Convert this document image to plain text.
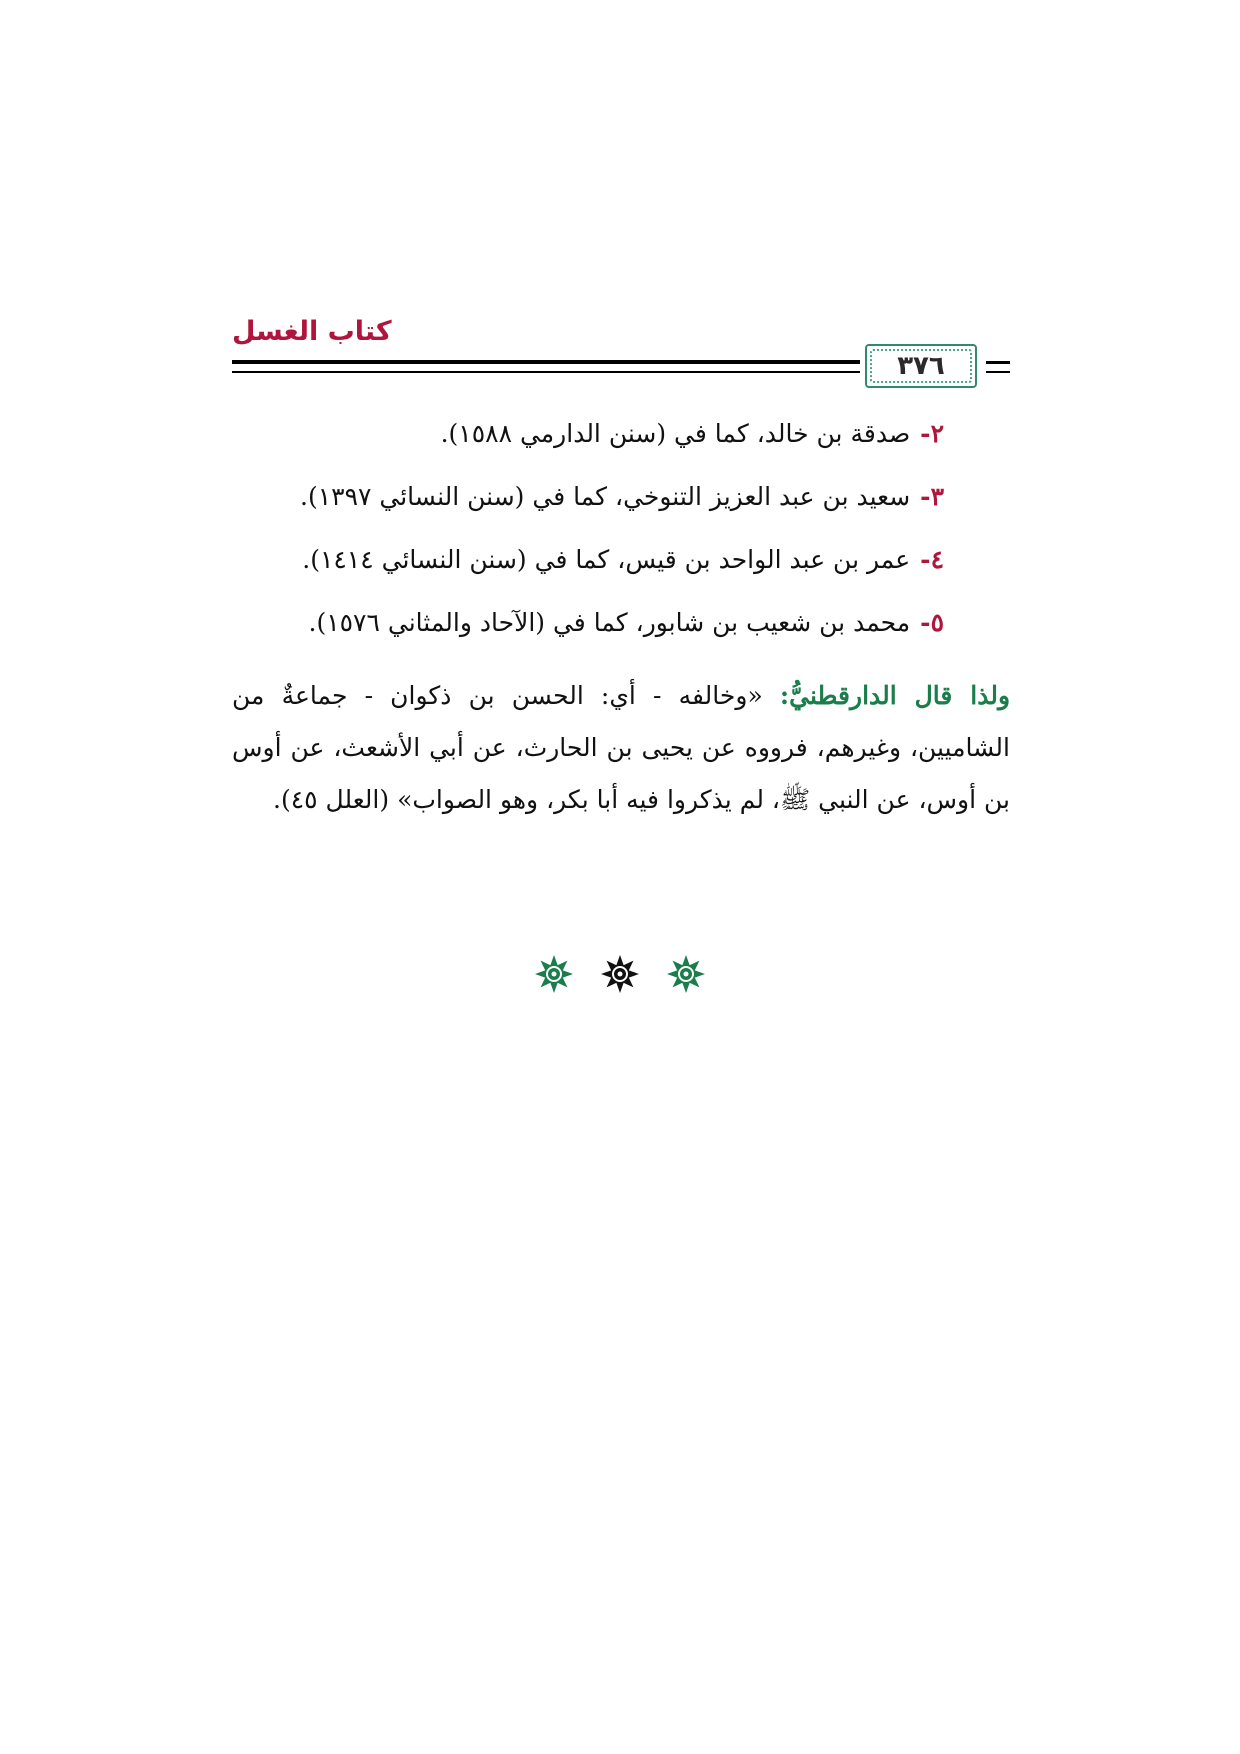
كتاب الغسل
٣٧٦
٢-صدقة بن خالد، كما في (سنن الدارمي ١٥٨٨).
٣-سعيد بن عبد العزيز التنوخي، كما في (سنن النسائي ١٣٩٧).
٤-عمر بن عبد الواحد بن قيس، كما في (سنن النسائي ١٤١٤).
٥-محمد بن شعيب بن شابور، كما في (الآحاد والمثاني ١٥٧٦).
ولذا قال الدارقطنيُّ: «وخالفه - أي: الحسن بن ذكوان - جماعةٌ من الشاميين، وغيرهم، فرووه عن يحيى بن الحارث، عن أبي الأشعث، عن أوس بن أوس، عن النبي ﷺ، لم يذكروا فيه أبا بكر، وهو الصواب» (العلل ٤٥).
